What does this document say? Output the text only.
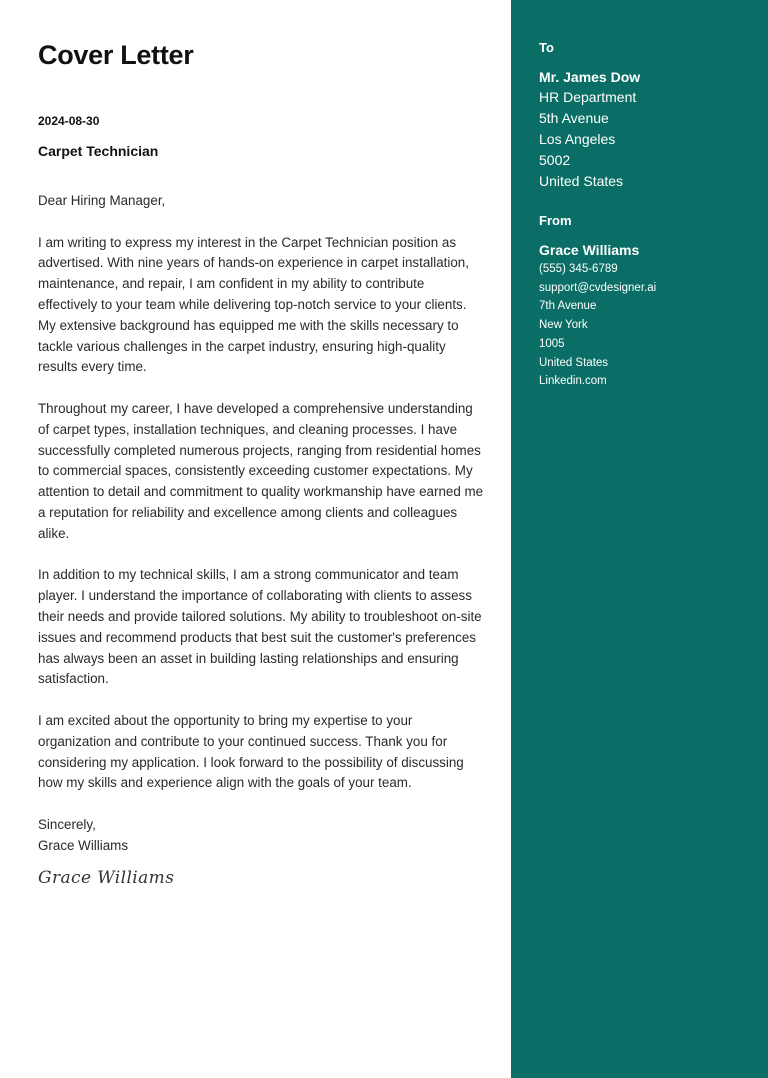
Cover Letter
2024-08-30
Carpet Technician

Dear Hiring Manager,

I am writing to express my interest in the Carpet Technician position as advertised. With nine years of hands-on experience in carpet installation, maintenance, and repair, I am confident in my ability to contribute effectively to your team while delivering top-notch service to your clients. My extensive background has equipped me with the skills necessary to tackle various challenges in the carpet industry, ensuring high-quality results every time.

Throughout my career, I have developed a comprehensive understanding of carpet types, installation techniques, and cleaning processes. I have successfully completed numerous projects, ranging from residential homes to commercial spaces, consistently exceeding customer expectations. My attention to detail and commitment to quality workmanship have earned me a reputation for reliability and excellence among clients and colleagues alike.

In addition to my technical skills, I am a strong communicator and team player. I understand the importance of collaborating with clients to assess their needs and provide tailored solutions. My ability to troubleshoot on-site issues and recommend products that best suit the customer's preferences has always been an asset in building lasting relationships and ensuring satisfaction.

I am excited about the opportunity to bring my expertise to your organization and contribute to your continued success. Thank you for considering my application. I look forward to the possibility of discussing how my skills and experience align with the goals of your team.

Sincerely,
Grace Williams
Grace Williams
To
Mr. James Dow
HR Department
5th Avenue
Los Angeles
5002
United States
From
Grace Williams
(555) 345-6789
support@cvdesigner.ai
7th Avenue
New York
1005
United States
Linkedin.com
